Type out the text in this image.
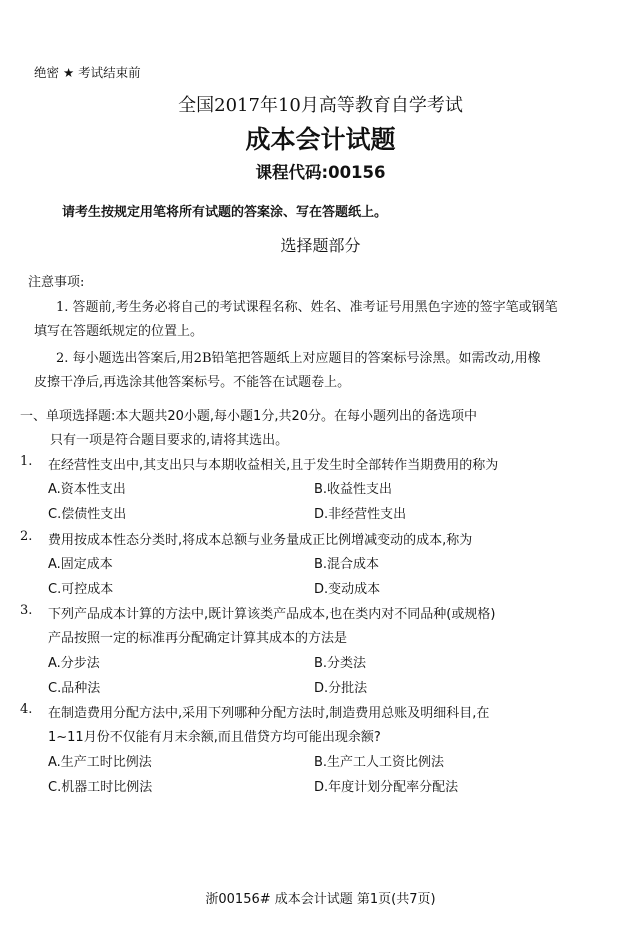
绝密 ★ 考试结束前
全国2017年10月高等教育自学考试
成本会计试题
课程代码:00156
请考生按规定用笔将所有试题的答案涂、写在答题纸上。
选择题部分
注意事项:
1. 答题前,考生务必将自己的考试课程名称、姓名、准考证号用黑色字迹的签字笔或钢笔
填写在答题纸规定的位置上。
2. 每小题选出答案后,用2B铅笔把答题纸上对应题目的答案标号涂黑。如需改动,用橡
皮擦干净后,再选涂其他答案标号。不能答在试题卷上。
一、单项选择题:本大题共20小题,每小题1分,共20分。在每小题列出的备选项中
只有一项是符合题目要求的,请将其选出。
1. 在经营性支出中,其支出只与本期收益相关,且于发生时全部转作当期费用的称为
A.资本性支出	B.收益性支出
C.偿债性支出	D.非经营性支出
2. 费用按成本性态分类时,将成本总额与业务量成正比例增减变动的成本,称为
A.固定成本	B.混合成本
C.可控成本	D.变动成本
3. 下列产品成本计算的方法中,既计算该类产品成本,也在类内对不同品种(或规格)
产品按照一定的标准再分配确定计算其成本的方法是
A.分步法	B.分类法
C.品种法	D.分批法
4. 在制造费用分配方法中,采用下列哪种分配方法时,制造费用总账及明细科目,在
1~11月份不仅能有月末余额,而且借贷方均可能出现余额?
A.生产工时比例法	B.生产工人工资比例法
C.机器工时比例法	D.年度计划分配率分配法
浙00156# 成本会计试题 第1页(共7页)
